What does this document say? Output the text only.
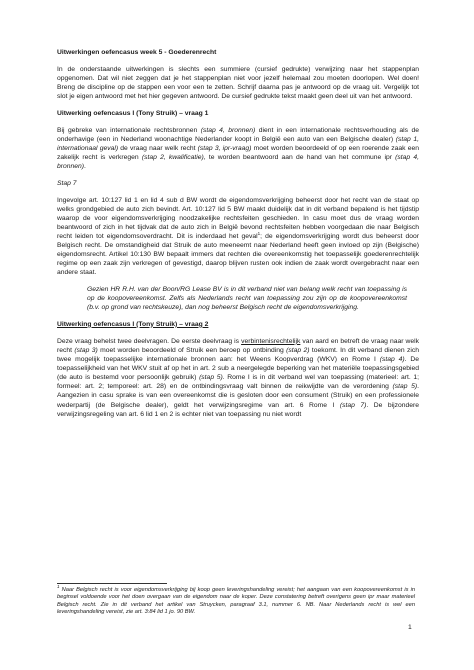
Uitwerkingen oefencasus week 5 - Goederenrecht

In de onderstaande uitwerkingen is slechts een summiere (cursief gedrukte) verwijzing naar het stappenplan opgenomen. Dat wil niet zeggen dat je het stappenplan niet voor jezelf helemaal zou moeten doorlopen. Wel doen! Breng de discipline op de stappen een voor een te zetten. Schrijf daarna pas je antwoord op de vraag uit. Vergelijk tot slot je eigen antwoord met het hier gegeven antwoord. De cursief gedrukte tekst maakt geen deel uit van het antwoord.

Uitwerking oefencasus I (Tony Struik) – vraag 1

Bij gebreke van internationale rechtsbronnen (stap 4, bronnen) dient in een internationale rechtsverhouding als de onderhavige (een in Nederland woonachtige Nederlander koopt in België een auto van een Belgische dealer) (stap 1, internationaal geval) de vraag naar welk recht (stap 3, ipr-vraag) moet worden beoordeeld of op een roerende zaak een zakelijk recht is verkregen (stap 2, kwalificatie), te worden beantwoord aan de hand van het commune ipr (stap 4, bronnen).

Stap 7

Ingevolge art. 10:127 lid 1 en lid 4 sub d BW wordt de eigendomsverkrijging beheerst door het recht van de staat op welks grondgebied de auto zich bevindt. Art. 10:127 lid 5 BW maakt duidelijk dat in dit verband bepalend is het tijdstip waarop de voor eigendomsverkrijging noodzakelijke rechtsfeiten geschieden. In casu moet dus de vraag worden beantwoord of zich in het tijdvak dat de auto zich in België bevond rechtsfeiten hebben voorgedaan die naar Belgisch recht leiden tot eigendomsoverdracht. Dit is inderdaad het geval$^1$; de eigendomsverkrijging wordt dus beheerst door Belgisch recht. De omstandigheid dat Struik de auto meeneemt naar Nederland heeft geen invloed op zijn (Belgische) eigendomsrecht. Artikel 10:130 BW bepaalt immers dat rechten die overeenkomstig het toepasselijk goederenrechtelijk regime op een zaak zijn verkregen of gevestigd, daarop blijven rusten ook indien de zaak wordt overgebracht naar een andere staat.

Gezien HR R.H. van der Boon/RG Lease BV is in dit verband niet van belang welk recht van toepassing is op de koopovereenkomst. Zelfs als Nederlands recht van toepassing zou zijn op de koopovereenkomst (b.v. op grond van rechtskeuze), dan nog beheerst Belgisch recht de eigendomsverkrijging.

Uitwerking oefencasus I (Tony Struik) – vraag 2

Deze vraag behelst twee deelvragen. De eerste deelvraag is verbintenisrechtelijk van aard en betreft de vraag naar welk recht (stap 3) moet worden beoordeeld of Struik een beroep op ontbinding (stap 2) toekomt. In dit verband dienen zich twee mogelijk toepasselijke internationale bronnen aan: het Weens Koopverdrag (WKV) en Rome I (stap 4). De toepasselijkheid van het WKV stuit af op het in art. 2 sub a neergelegde beperking van het materiële toepassingsgebied (de auto is bestemd voor persoonlijk gebruik) (stap 5). Rome I is in dit verband wel van toepassing (materieel: art. 1; formeel: art. 2; temporeel: art. 28) en de ontbindingsvraag valt binnen de reikwijdte van de verordening (stap 5). Aangezien in casu sprake is van een overeenkomst die is gesloten door een consument (Struik) en een professionele wederpartij (de Belgische dealer), geldt het verwijzingsregime van art. 6 Rome I (stap 7). De bijzondere verwijzingsregeling van art. 6 lid 1 en 2 is echter niet van toepassing nu niet wordt

$^1$ Naar Belgisch recht is voor eigendomsverkrijging bij koop geen leveringshandeling vereist; het aangaan van een koopovereenkomst is in beginsel voldoende voor het doen overgaan van de eigendom naar de koper. Deze constatering betreft overigens geen ipr maar materieel Belgisch recht. Zie in dit verband het artikel van Struycken, paragraaf 3.1, nummer 6. NB. Naar Nederlands recht is wel een leveringshandeling vereist, zie art. 3:84 lid 1 jo. 90 BW.

1
